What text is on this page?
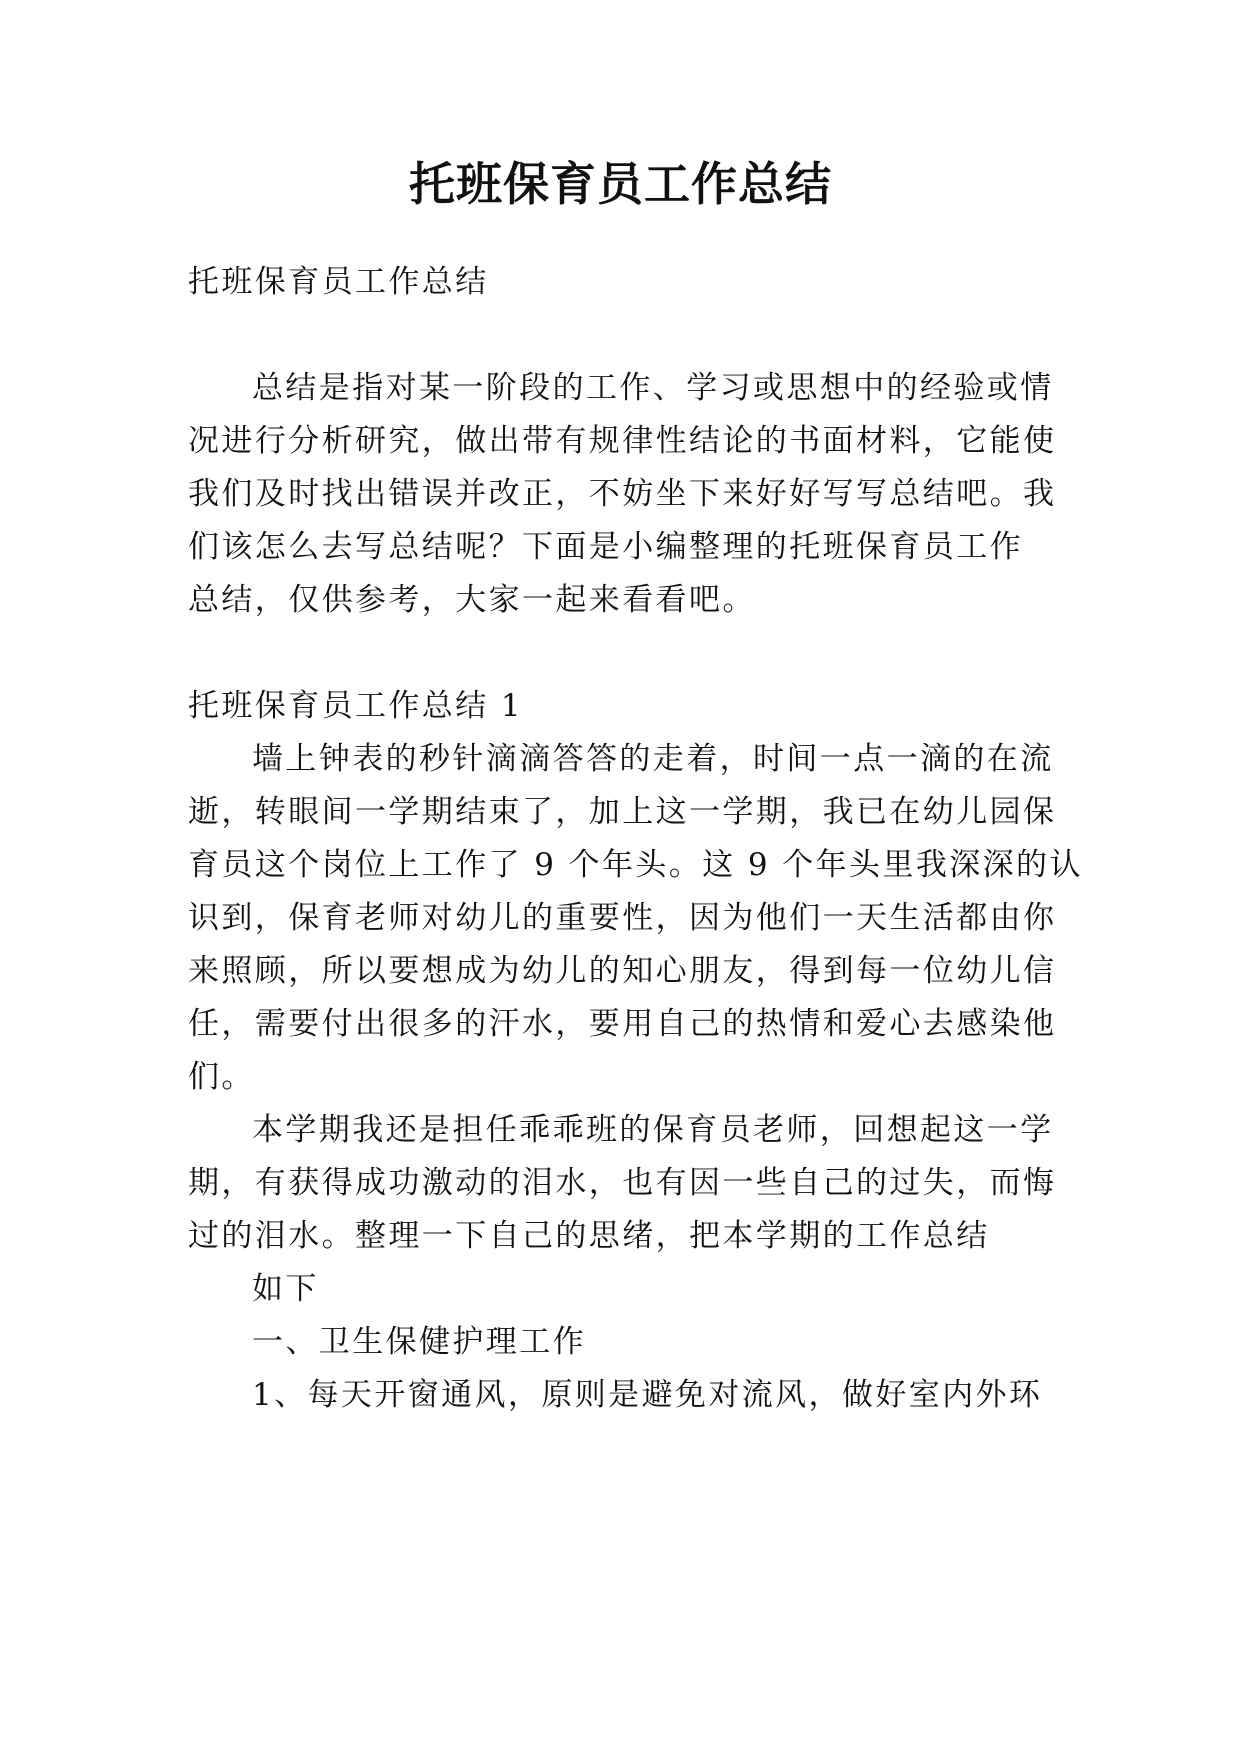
托班保育员工作总结

托班保育员工作总结

总结是指对某一阶段的工作、学习或思想中的经验或情

况进行分析研究，做出带有规律性结论的书面材料，它能使

我们及时找出错误并改正，不妨坐下来好好写写总结吧。我

们该怎么去写总结呢？下面是小编整理的托班保育员工作

总结，仅供参考，大家一起来看看吧。

托班保育员工作总结 1

墙上钟表的秒针滴滴答答的走着，时间一点一滴的在流

逝，转眼间一学期结束了，加上这一学期，我已在幼儿园保

育员这个岗位上工作了 9 个年头。这 9 个年头里我深深的认

识到，保育老师对幼儿的重要性，因为他们一天生活都由你

来照顾，所以要想成为幼儿的知心朋友，得到每一位幼儿信

任，需要付出很多的汗水，要用自己的热情和爱心去感染他

们。

本学期我还是担任乖乖班的保育员老师，回想起这一学

期，有获得成功激动的泪水，也有因一些自己的过失，而悔

过的泪水。整理一下自己的思绪，把本学期的工作总结

如下

一、卫生保健护理工作

1、每天开窗通风，原则是避免对流风，做好室内外环
